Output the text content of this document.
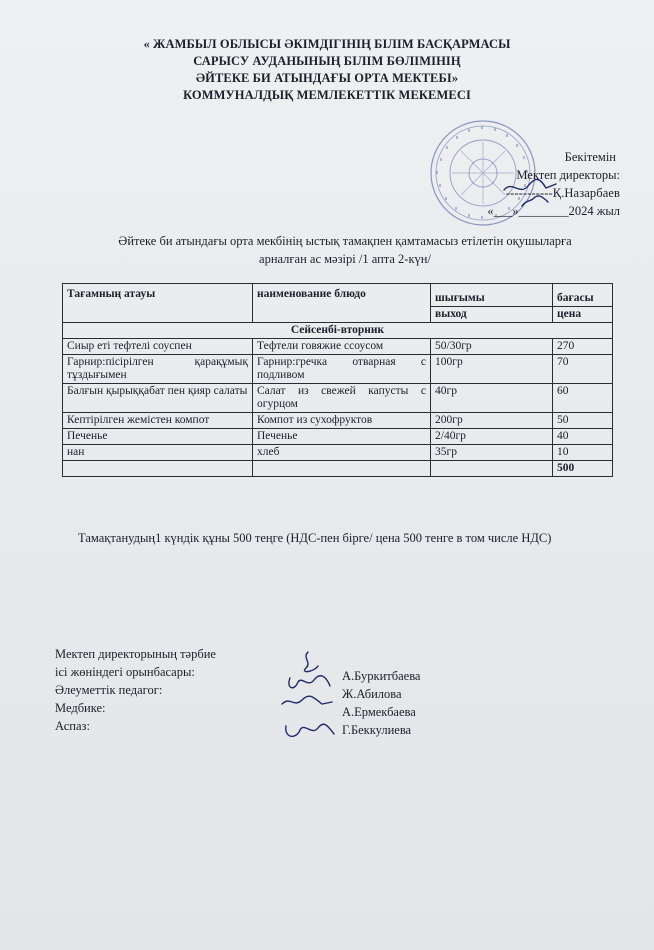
« ЖАМБЫЛ ОБЛЫСЫ ӘКІМДІГІНІҢ БІЛІМ БАСҚАРМАСЫ
САРЫСУ АУДАНЫНЫҢ БІЛІМ БӨЛІМІНІҢ
ӘЙТЕКЕ БИ АТЫНДАҒЫ ОРТА МЕКТЕБІ»
КОММУНАЛДЫҚ МЕМЛЕКЕТТІК МЕКЕМЕСІ
Бекітемін
Мектеп директоры:
-----------Қ.Назарбаев
«___»________2024 жыл
Әйтеке би атындағы орта мекбінің ыстық тамақпен қамтамасыз етілетін оқушыларға
арналған ас мәзірі /1 апта 2-күн/
Тағамның атауы	наименование блюдо	шығымы	бағасы
		выход	цена
Сейсенбі-вторник			
Сиыр еті тефтелі соуспен	Тефтели говяжие ссоусом	50/30гр	270
Гарнир:пісірілген қарақұмық тұздығымен	Гарнир:гречка отварная с подливом	100гр	70
Балғын қырыққабат пен қияр салаты	Салат из свежей капусты с огурцом	40гр	60
Кептірілген жемістен компот	Компот из сухофруктов	200гр	50
Печенье	Печенье	2/40гр	40
нан	хлеб	35гр	10
			500
Тамақтанудың1 күндік құны 500 теңге (НДС-пен бірге/ цена 500 тенге в том числе НДС)
Мектеп директорының тәрбие
ісі жөніндегі орынбасары:
Әлеуметтік педагог:
Медбике:
Аспаз:
А.Буркитбаева
Ж.Абилова
А.Ермекбаева
Г.Беккулиева
